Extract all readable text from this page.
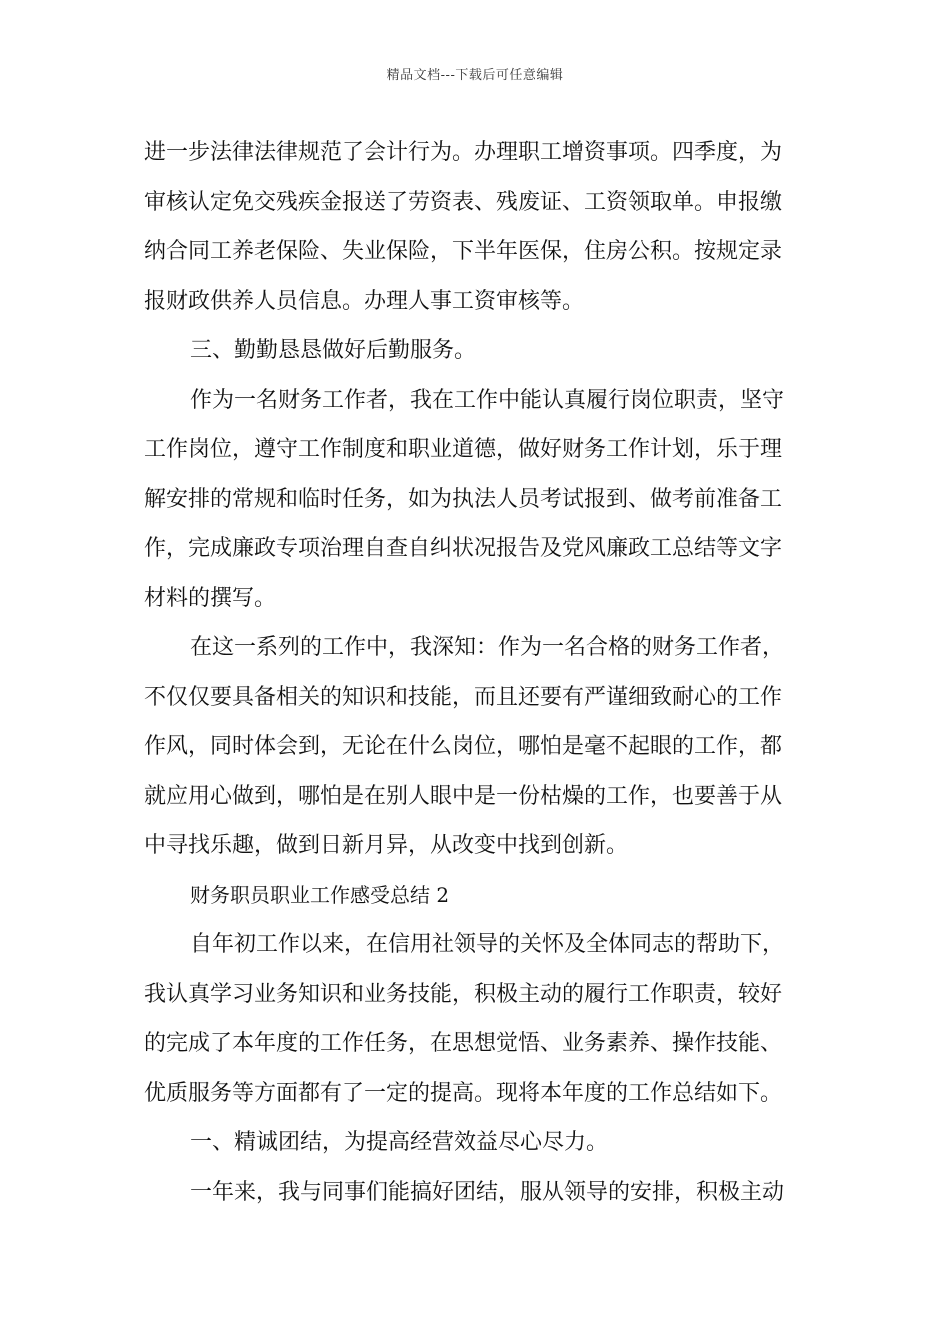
精品文档---下载后可任意编辑
进一步法律法律规范了会计行为。办理职工增资事项。四季度，为
审核认定免交残疾金报送了劳资表、残废证、工资领取单。申报缴
纳合同工养老保险、失业保险，下半年医保，住房公积。按规定录
报财政供养人员信息。办理人事工资审核等。
三、勤勤恳恳做好后勤服务。
作为一名财务工作者，我在工作中能认真履行岗位职责，坚守
工作岗位，遵守工作制度和职业道德，做好财务工作计划，乐于理
解安排的常规和临时任务，如为执法人员考试报到、做考前准备工
作，完成廉政专项治理自查自纠状况报告及党风廉政工总结等文字
材料的撰写。
在这一系列的工作中，我深知：作为一名合格的财务工作者，
不仅仅要具备相关的知识和技能，而且还要有严谨细致耐心的工作
作风，同时体会到，无论在什么岗位，哪怕是毫不起眼的工作，都
就应用心做到，哪怕是在别人眼中是一份枯燥的工作，也要善于从
中寻找乐趣，做到日新月异，从改变中找到创新。
财务职员职业工作感受总结 2
自年初工作以来，在信用社领导的关怀及全体同志的帮助下，
我认真学习业务知识和业务技能，积极主动的履行工作职责，较好
的完成了本年度的工作任务，在思想觉悟、业务素养、操作技能、
优质服务等方面都有了一定的提高。现将本年度的工作总结如下。
一、精诚团结，为提高经营效益尽心尽力。
一年来，我与同事们能搞好团结，服从领导的安排，积极主动
